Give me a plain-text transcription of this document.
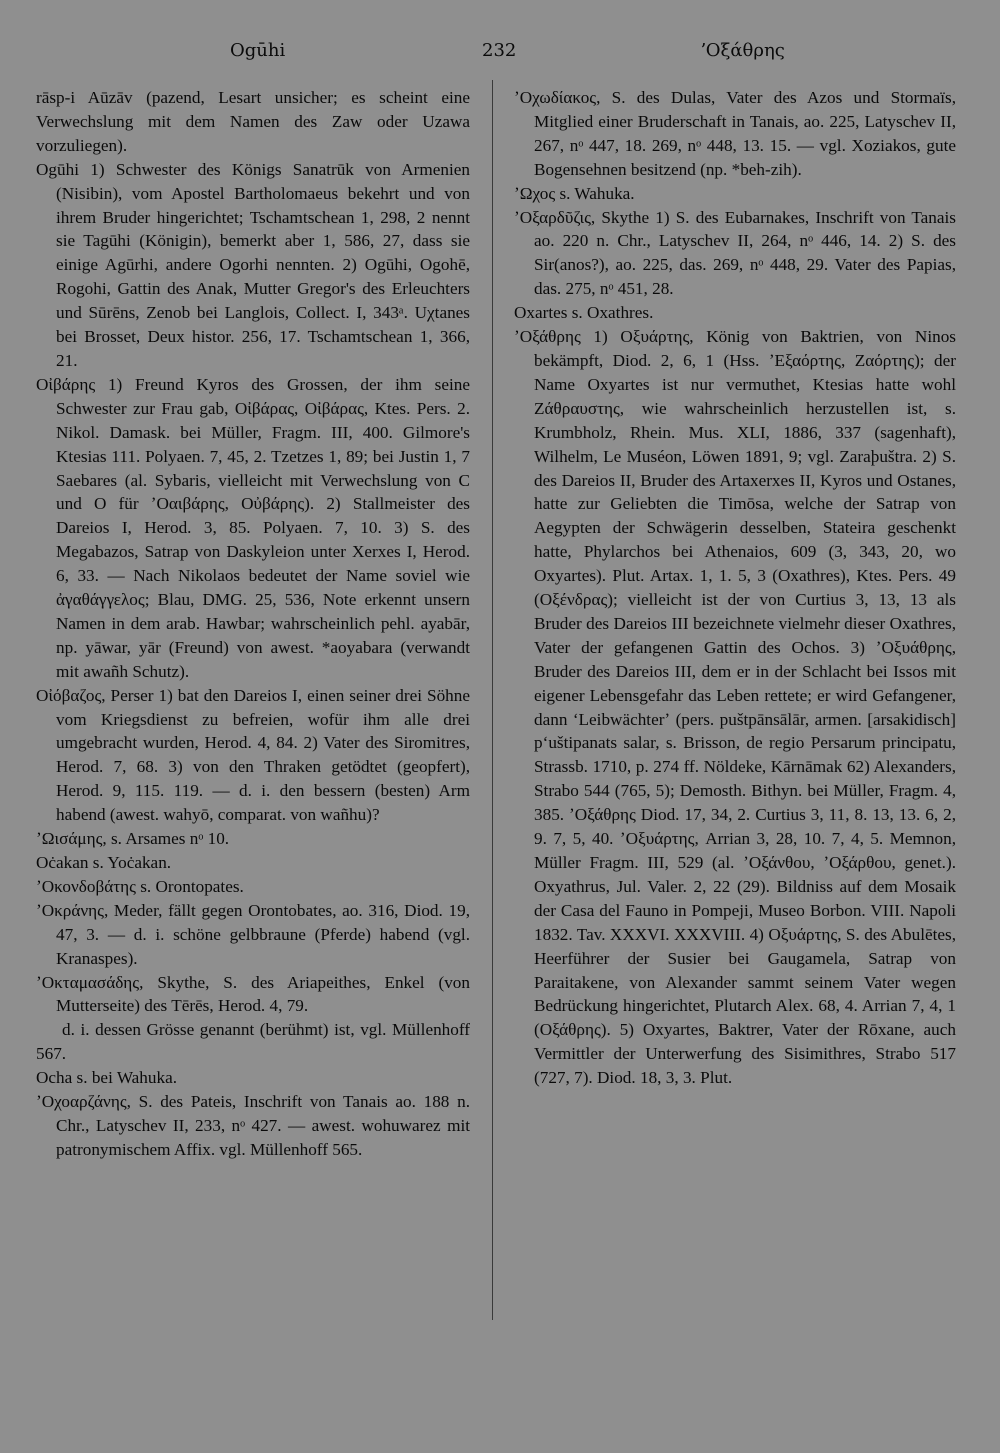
Ogūhi	232	ʼΟξάθρης

rāsp-i Aūzāv (pazend, Lesart unsicher; es scheint eine Verwechslung mit dem Namen des Zaw oder Uzawa vorzuliegen).

Ogūhi 1) Schwester des Königs Sanatrūk von Armenien (Nisibin), vom Apostel Bartholomaeus bekehrt und von ihrem Bruder hingerichtet; Tschamtschean 1, 298, 2 nennt sie Tagūhi (Königin), bemerkt aber 1, 586, 27, dass sie einige Agūrhi, andere Ogorhi nennten. 2) Ogūhi, Ogohē, Rogohi, Gattin des Anak, Mutter Gregor's des Erleuchters und Sūrēns, Zenob bei Langlois, Collect. I, 343ᵃ. Uχtanes bei Brosset, Deux histor. 256, 17. Tschamtschean 1, 366, 21.

Οἰβάρης 1) Freund Kyros des Grossen, der ihm seine Schwester zur Frau gab, Οἰβάρας, Οἰβάρας, Ktes. Pers. 2. Nikol. Damask. bei Müller, Fragm. III, 400. Gilmore's Ktesias 111. Polyaen. 7, 45, 2. Tzetzes 1, 89; bei Justin 1, 7 Saebares (al. Sybaris, vielleicht mit Verwechslung von C und O für ʼΟαιβάρης, Οὐβάρης). 2) Stallmeister des Dareios I, Herod. 3, 85. Polyaen. 7, 10. 3) S. des Megabazos, Satrap von Daskyleion unter Xerxes I, Herod. 6, 33. — Nach Nikolaos bedeutet der Name soviel wie ἀγαθάγγελος; Blau, DMG. 25, 536, Note erkennt unsern Namen in dem arab. Hawbar; wahrscheinlich pehl. ayabār, np. yāwar, yār (Freund) von awest. *aoyabara (verwandt mit awañh Schutz).

Οἰόβαζος, Perser 1) bat den Dareios I, einen seiner drei Söhne vom Kriegsdienst zu befreien, wofür ihm alle drei umgebracht wurden, Herod. 4, 84. 2) Vater des Siromitres, Herod. 7, 68. 3) von den Thraken getödtet (geopfert), Herod. 9, 115. 119. — d. i. den bessern (besten) Arm habend (awest. wahyō, comparat. von wañhu)?

ʼΩισάμης, s. Arsames nᵒ 10.

Oċakan s. Yoċakan.

ʼΟκονδοβάτης s. Orontopates.

ʼΟκράνης, Meder, fällt gegen Orontobates, ao. 316, Diod. 19, 47, 3. — d. i. schöne gelbbraune (Pferde) habend (vgl. Kranaspes).

ʼΟκταμασάδης, Skythe, S. des Ariapeithes, Enkel (von Mutterseite) des Tērēs, Herod. 4, 79.

d. i. dessen Grösse genannt (berühmt) ist, vgl. Müllenhoff 567.

Ocha s. bei Wahuka.

ʼΟχοαρζάνης, S. des Pateis, Inschrift von Tanais ao. 188 n. Chr., Latyschev II, 233, nᵒ 427. — awest. wohuwarez mit patronymischem Affix. vgl. Müllenhoff 565.

ʼΟχωδίακος, S. des Dulas, Vater des Azos und Stormaïs, Mitglied einer Bruderschaft in Tanais, ao. 225, Latyschev II, 267, nᵒ 447, 18. 269, nᵒ 448, 13. 15. — vgl. Xoziakos, gute Bogensehnen besitzend (np. *beh-zih).

ʼΩχος s. Wahuka.

ʼΟξαρδῦζις, Skythe 1) S. des Eubarnakes, Inschrift von Tanais ao. 220 n. Chr., Latyschev II, 264, nᵒ 446, 14. 2) S. des Sir(anos?), ao. 225, das. 269, nᵒ 448, 29. Vater des Papias, das. 275, nᵒ 451, 28.

Oxartes s. Oxathres.

ʼΟξάθρης 1) Οξυάρτης, König von Baktrien, von Ninos bekämpft, Diod. 2, 6, 1 (Hss. ʼΕξαόρτης, Ζαόρτης); der Name Oxyartes ist nur vermuthet, Ktesias hatte wohl Ζάθραυστης, wie wahrscheinlich herzustellen ist, s. Krumbholz, Rhein. Mus. XLI, 1886, 337 (sagenhaft), Wilhelm, Le Muséon, Löwen 1891, 9; vgl. Zaraþuštra. 2) S. des Dareios II, Bruder des Artaxerxes II, Kyros und Ostanes, hatte zur Geliebten die Timōsa, welche der Satrap von Aegypten der Schwägerin desselben, Stateira geschenkt hatte, Phylarchos bei Athenaios, 609 (3, 343, 20, wo Oxyartes). Plut. Artax. 1, 1. 5, 3 (Oxathres), Ktes. Pers. 49 (Οξένδρας); vielleicht ist der von Curtius 3, 13, 13 als Bruder des Dareios III bezeichnete vielmehr dieser Oxathres, Vater der gefangenen Gattin des Ochos. 3) ʼΟξυάθρης, Bruder des Dareios III, dem er in der Schlacht bei Issos mit eigener Lebensgefahr das Leben rettete; er wird Gefangener, dann ʻLeibwächterʼ (pers. puštpānsālār, armen. [arsakidisch] pʻuštipanats salar, s. Brisson, de regio Persarum principatu, Strassb. 1710, p. 274 ff. Nöldeke, Kārnāmak 62) Alexanders, Strabo 544 (765, 5); Demosth. Bithyn. bei Müller, Fragm. 4, 385. ʼΟξάθρης Diod. 17, 34, 2. Curtius 3, 11, 8. 13, 13. 6, 2, 9. 7, 5, 40. ʼΟξυάρτης, Arrian 3, 28, 10. 7, 4, 5. Memnon, Müller Fragm. III, 529 (al. ʼΟξάνθου, ʼΟξάρθου, genet.). Oxyathrus, Jul. Valer. 2, 22 (29). Bildniss auf dem Mosaik der Casa del Fauno in Pompeji, Museo Borbon. VIII. Napoli 1832. Tav. XXXVI. XXXVIII. 4) Οξυάρτης, S. des Abulētes, Heerführer der Susier bei Gaugamela, Satrap von Paraitakene, von Alexander sammt seinem Vater wegen Bedrückung hingerichtet, Plutarch Alex. 68, 4. Arrian 7, 4, 1 (Οξάθρης). 5) Oxyartes, Baktrer, Vater der Rōxane, auch Vermittler der Unterwerfung des Sisimithres, Strabo 517 (727, 7). Diod. 18, 3, 3. Plut.
